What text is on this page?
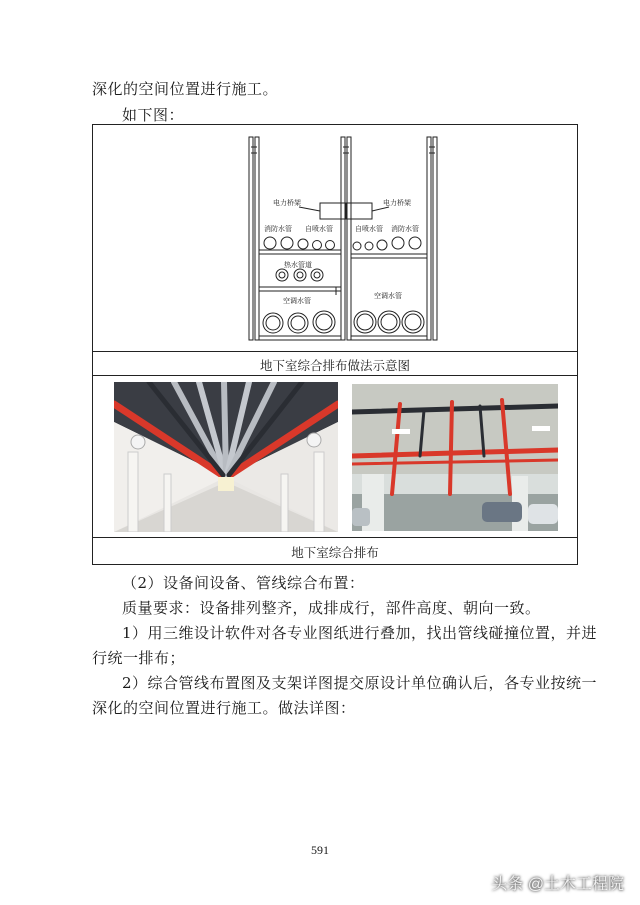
深化的空间位置进行施工。
如下图：
电力桥架	电力桥架
消防水管 自喷水管	自喷水管 消防水管
热水管道
空调水管
空调水管
地下室综合排布做法示意图
地下室综合排布
（2）设备间设备、管线综合布置：
质量要求：设备排列整齐，成排成行，部件高度、朝向一致。
1）用三维设计软件对各专业图纸进行叠加，找出管线碰撞位置，并进
行统一排布；
2）综合管线布置图及支架详图提交原设计单位确认后，各专业按统一
深化的空间位置进行施工。做法详图：
591
头条 @土木工程院
